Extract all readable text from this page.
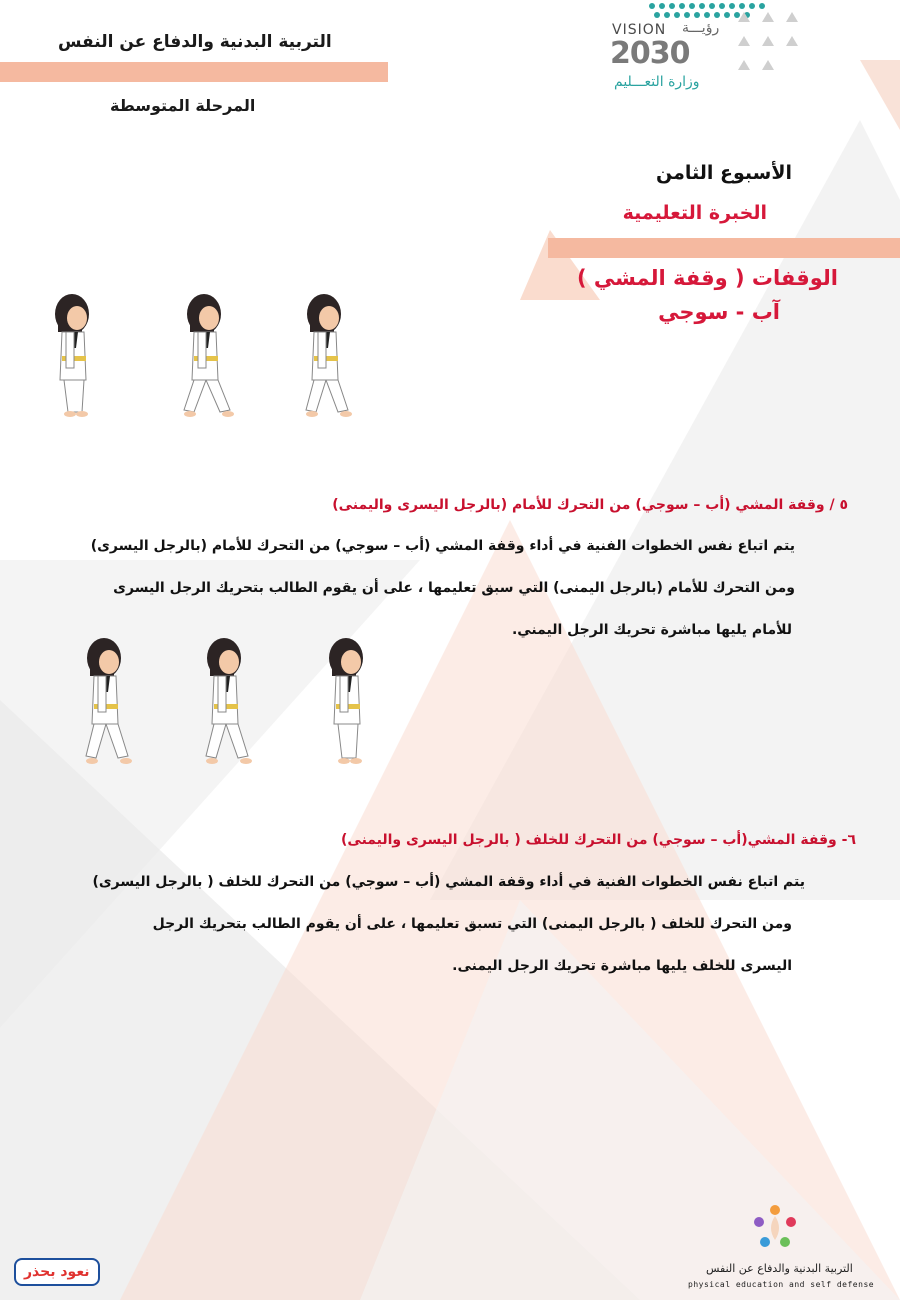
التربية البدنية والدفاع عن النفس
المرحلة المتوسطة
VISION رؤيـــة
2030
وزارة التعـــليم
الأسبوع الثامن
الخبرة التعليمية
الوقفات ( وقفة المشي )
آب - سوجي
٥ / وقفة المشي (أب – سوجي) من التحرك للأمام (بالرجل اليسرى واليمنى)
يتم اتباع نفس الخطوات الفنية في أداء وقفة المشي (أب – سوجي) من التحرك للأمام (بالرجل اليسرى)
ومن التحرك للأمام (بالرجل اليمنى) التي سبق تعليمها ، على أن يقوم الطالب بتحريك الرجل اليسرى
للأمام يليها مباشرة تحريك الرجل اليمني.
٦- وقفة المشي(أب – سوجي) من التحرك للخلف ( بالرجل اليسرى واليمنى)
يتم اتباع نفس الخطوات الفنية في أداء وقفة المشي (أب – سوجي) من التحرك للخلف ( بالرجل اليسرى)
ومن التحرك للخلف ( بالرجل اليمنى) التي تسبق تعليمها ، على أن يقوم الطالب بتحريك الرجل
اليسرى للخلف يليها مباشرة تحريك الرجل اليمنى.
التربية البدنية والدفاع عن النفس
physical education and self defense
نعود بحذر
